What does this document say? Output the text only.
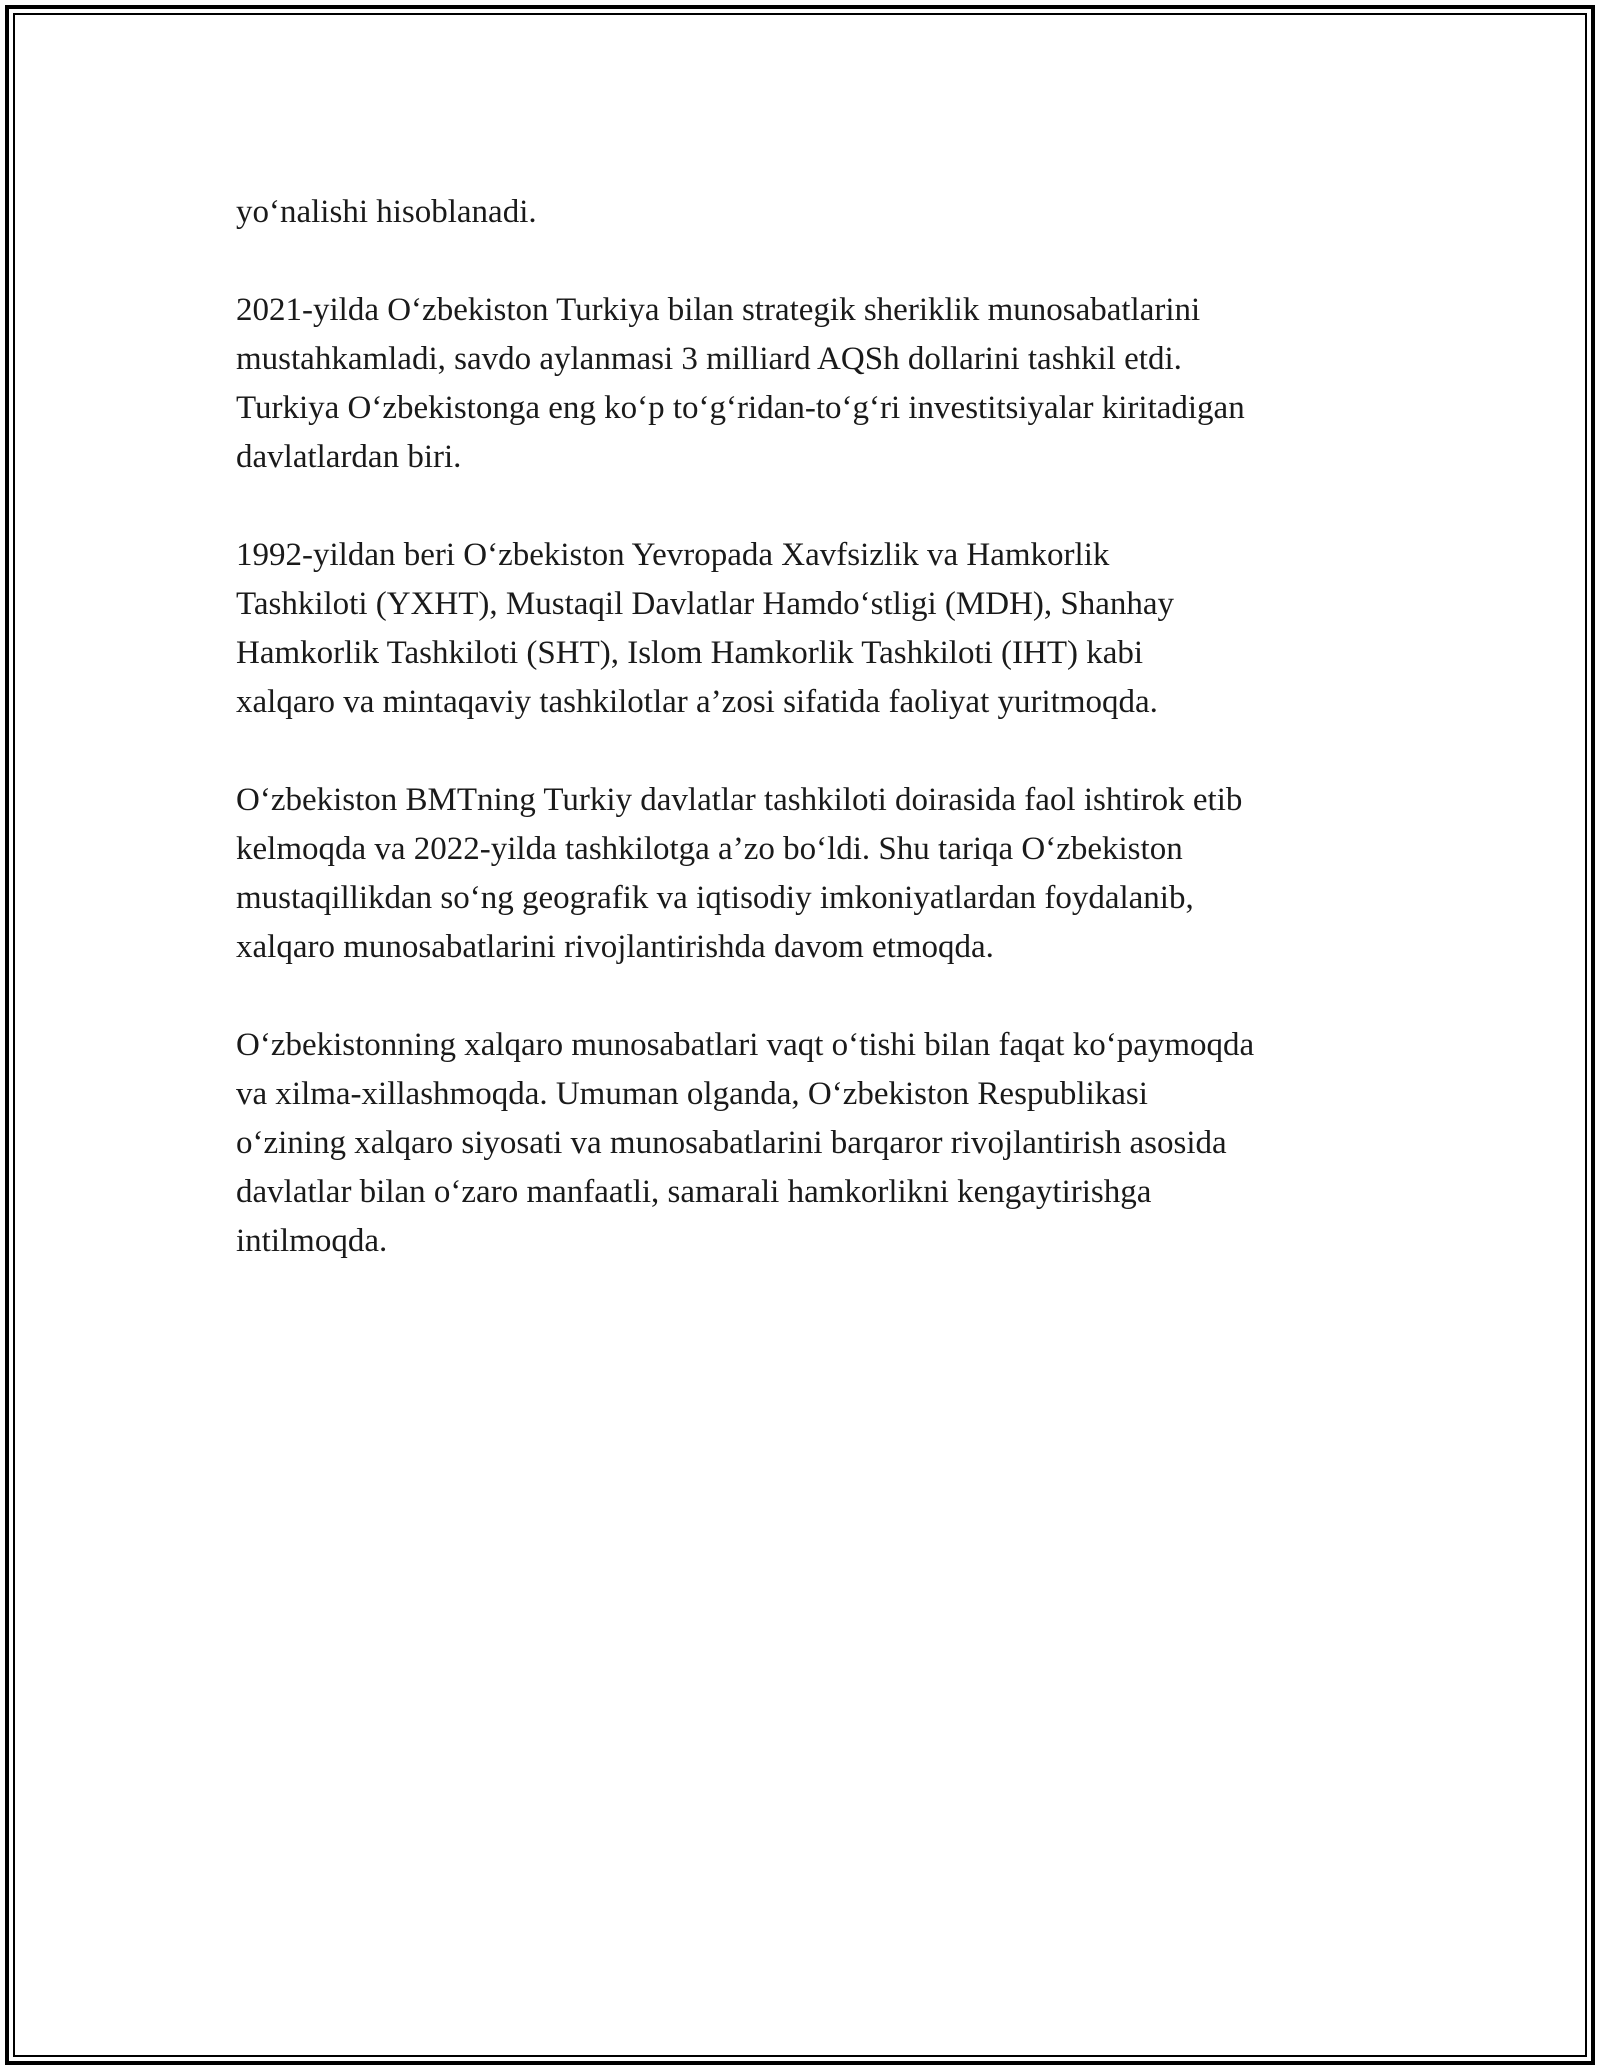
yo‘nalishi hisoblanadi.

2021-yilda O‘zbekiston Turkiya bilan strategik sheriklik munosabatlarini
mustahkamladi, savdo aylanmasi 3 milliard AQSh dollarini tashkil etdi.
Turkiya O‘zbekistonga eng ko‘p to‘g‘ridan-to‘g‘ri investitsiyalar kiritadigan
davlatlardan biri.

1992-yildan beri O‘zbekiston Yevropada Xavfsizlik va Hamkorlik
Tashkiloti (YXHT), Mustaqil Davlatlar Hamdo‘stligi (MDH), Shanhay
Hamkorlik Tashkiloti (SHT), Islom Hamkorlik Tashkiloti (IHT) kabi
xalqaro va mintaqaviy tashkilotlar a’zosi sifatida faoliyat yuritmoqda.

O‘zbekiston BMTning Turkiy davlatlar tashkiloti doirasida faol ishtirok etib
kelmoqda va 2022-yilda tashkilotga a’zo bo‘ldi. Shu tariqa O‘zbekiston
mustaqillikdan so‘ng geografik va iqtisodiy imkoniyatlardan foydalanib,
xalqaro munosabatlarini rivojlantirishda davom etmoqda.

O‘zbekistonning xalqaro munosabatlari vaqt o‘tishi bilan faqat ko‘paymoqda
va xilma-xillashmoqda. Umuman olganda, O‘zbekiston Respublikasi
o‘zining xalqaro siyosati va munosabatlarini barqaror rivojlantirish asosida
davlatlar bilan o‘zaro manfaatli, samarali hamkorlikni kengaytirishga
intilmoqda.
